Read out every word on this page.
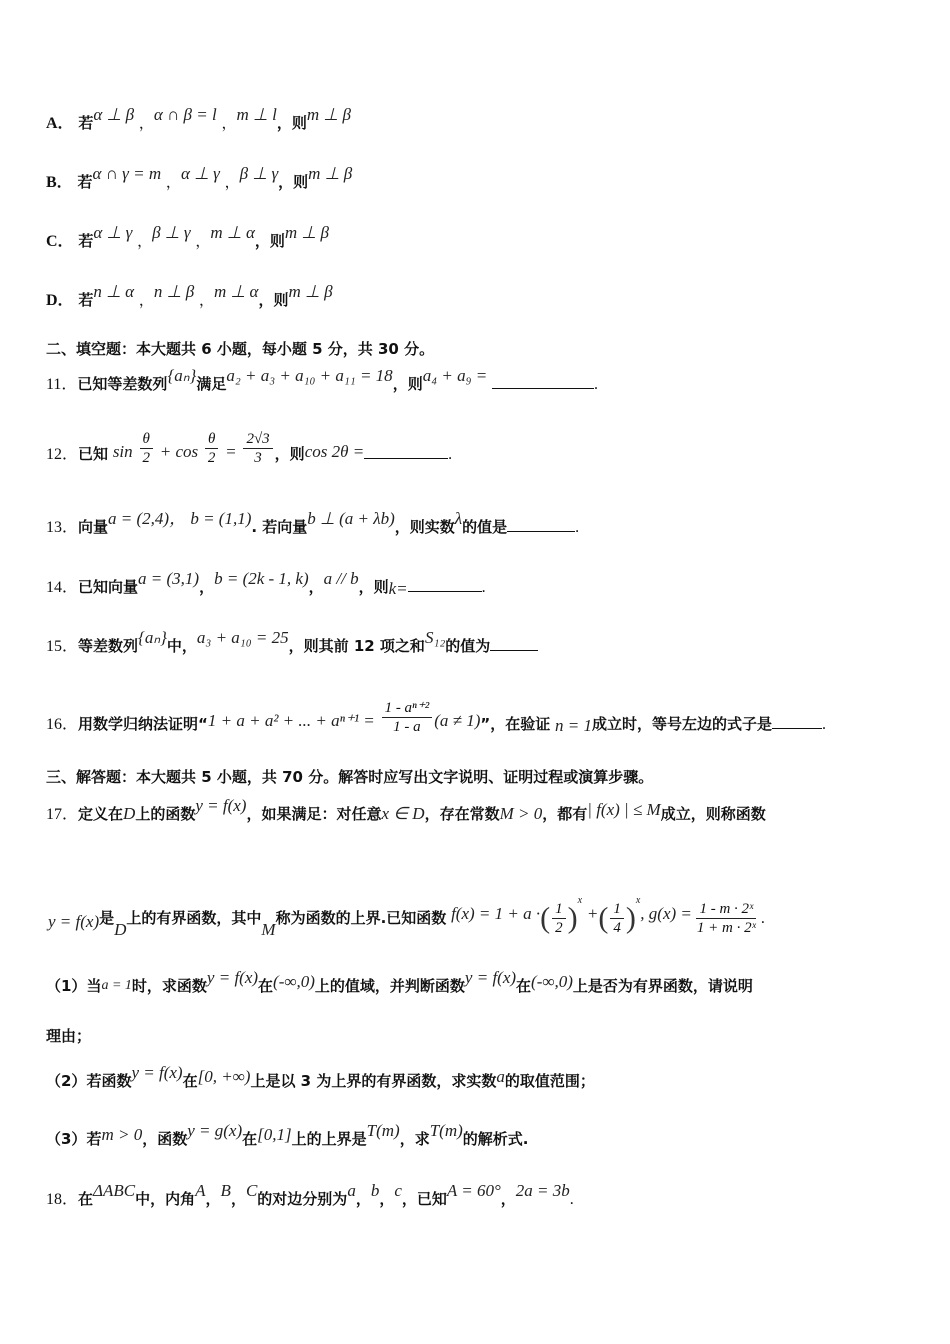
A． 若α ⊥ β ，α ∩ β = l ，m ⊥ l，则m ⊥ β
B． 若α ∩ γ = m ，α ⊥ γ ，β ⊥ γ，则m ⊥ β
C． 若α ⊥ γ ，β ⊥ γ ，m ⊥ α，则m ⊥ β
D． 若n ⊥ α ，n ⊥ β ，m ⊥ α，则m ⊥ β
二、填空题：本大题共 6 小题，每小题 5 分，共 30 分。
11．已知等差数列{aₙ}满足a₂ + a₃ + a₁₀ + a₁₁ = 18，则a₄ + a₉ =	.
12．已知 $\sin \frac{\theta}{2} + \cos \frac{\theta}{2} = \frac{2√3}{3}$ ，则cos 2θ =	.
13．向量a = (2,4)， b = (1,1). 若向量b ⊥ (a + λb)，则实数λ的值是	.
14．已知向量a = (3,1)，b = (2k - 1, k)，a // b，则k=	.
15．等差数列{aₙ}中，a₃ + a₁₀ = 25，则其前 12 项之和S₁₂的值为
16．用数学归纳法证明“1 + a + a² + ... + $a^{n+1} = \frac{\text{1 - aⁿ⁺²}}{1 - a} (a \ne 1)$”，在验证 n = 1成立时，等号左边的式子是	.
三、解答题：本大题共 5 小题，共 70 分。解答时应写出文字说明、证明过程或演算步骤。
17．定义在D上的函数y = f(x)，如果满足：对任意x ∈ D，存在常数M > 0，都有| f(x) | ≤ M成立，则称函数
y = f(x)是D上的有界函数，其中M称为函数的上界.已知函数 f(x) = 1 + a ·( $\frac{1}{2} )^x$ +( $\frac{1}{4} )^x$, $g(x) = \frac{\text{1 - m · 2ˣ}}{\text{1 + m · 2ˣ}}$ .
（1）当a = 1时，求函数y = f(x)在(-∞,0)上的值域，并判断函数y = f(x)在(-∞,0)上是否为有界函数，请说明
理由；
（2）若函数y = f(x)在[0, +∞)上是以 3 为上界的有界函数，求实数a的取值范围；
（3）若m > 0，函数y = g(x)在[0,1]上的上界是T(m)，求T(m)的解析式.
18．在ΔABC中，内角A，B，C的对边分别为a，b，c，已知A = 60°，2a = 3b.
